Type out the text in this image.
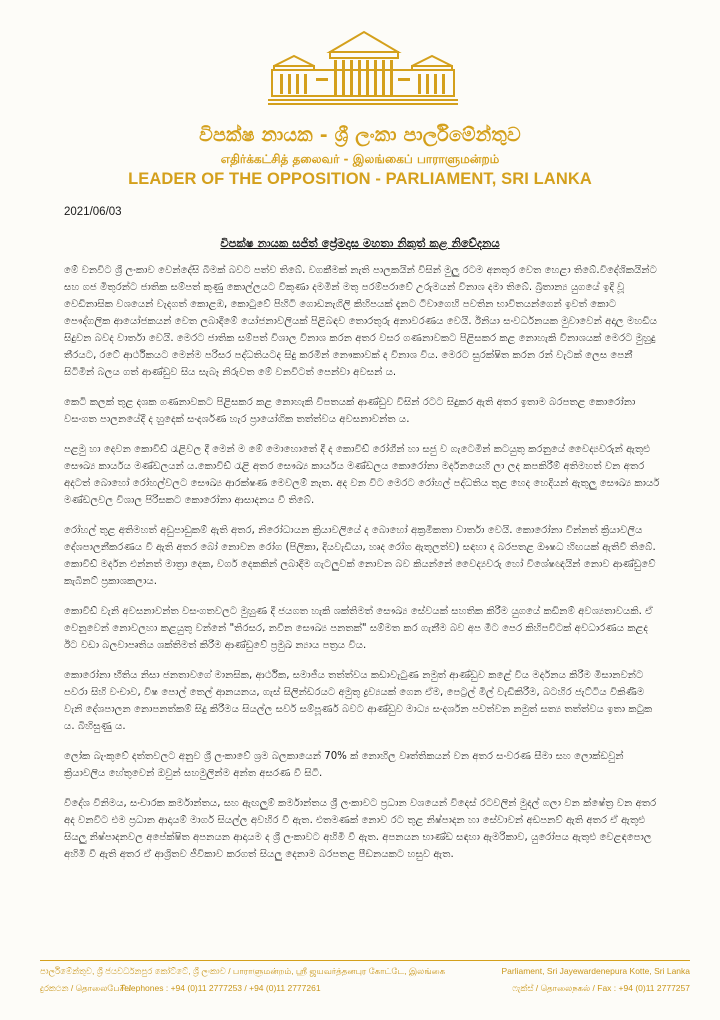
විපක්ෂ නායක - ශ්‍රී ලංකා පාර්ලිමේන්තුව
எதிர்க்கட்சித் தலைவர் - இலங்கைப் பாராளுமன்றம்
LEADER OF THE OPPOSITION - PARLIAMENT, SRI LANKA
2021/06/03
විපක්ෂ නායක සජිත් ප්‍රේමදාස මහතා නිකුත් කළ නිවේදනය

මේ වනවිට ශ්‍රී ලංකාව වෙන්දේසි බිමක් බවට පත්ව තිබේ. වගකීමක් නැති පාලකයින් විසින් මුලු රටම අනතුර වෙත හෙළා තිබේ.විදේශිකයින්ට සහ ගජ මිතුරන්ට ජාතික සම්පත් කුණු කොල්ලයට විකුණා දමමින් මතු පරම්පරාවේ උරුමයන් විනාශ දමා තිබේ. බ්‍රිතාන්‍ය යුගයේ ඉදි වූ වෙඩිනාසික වශයෙන් වැදගත් කොළඹ, කොටුවේ පිහිටි ගොඩනැගිලි කිහිපයක් දැනට ටීවාගෙහි පවතින භාවිතයන්ගෙන් ඉවත් කොට පෞද්ගලික ආයෝජකයන් වෙත ලබාදීමේ යෝජනාවලියක් පිළිබඳව තොරතුරු අනාවරණය වෙයි. ඊනියා සංවර්ධනයක මුවාවෙන් අදාල මහඩිය සිදුවන බවද වාර්තා වෙයි. මෙරට ජාතික සම්පත් විශාල විනාශ කරන අතර වසර ගණනාවකට පිළිසකර කළ නොහැකි විනාශයක් මෙරට මුහුදු තීරයට, රටේ ආර්ථිකයට මෙන්ම පරිසර පද්ධතියටද සිදු කරමින් නෞකාවක් ද විනාශ විය. මෙරට සුරක්ෂිත කරන රන් වැටක් ලෙස පෙනී සිටිමින් බලය ගත් ආණ්ඩුව සිය සැබෑ නිරුවත මේ වනවිටත් පෙන්වා අවසන් ය.

කෙටි කලක් තුළ දශක ගණනාවකට පිළිසකර කළ නොහැකි විපතයක් ආණ්ඩුව විසින් රටට සිදුකර ඇති අතර ඉතාම බරපතළ කොරෝනා වසංගත පාලනයේදී ද හුදෙක් සංදර්ශණ හැර ප්‍රායෝගික තත්ත්වය අවසනාවන්ත ය.

පළමු හා දෙවන කොවිඩ් රැළිවල දී මෙන් ම මේ මොහොතේ දී ද කොවිඩ් රෝගීන් හා සජු ව ගැටෙමින් කටයුතු කරනුයේ වෛද්‍යවරුන් ඇතුළු සෞඛ්‍ය කාර්යය මණ්ඩලයන් ය.කොවිඩ් රැළි අතර සෞඛ්‍ය කාර්යය මණ්ඩලය කොරෝනා මර්දනයෙහි ලා ලද කපකිරීම් අතිමහත් වන අතර අදටත් බොහෝ රෝහල්වලට සෞඛ්‍ය ආරක්ෂණ මෙවලම් නැත. අද වන විට මෙරට රෝහල් පද්ධතිය තුළ හෙද හෙදියන් ඇතුලු සෞඛ්‍ය කාර්ය මණ්ඩලවල විශාල පිරිසකට කොරෝනා ආසාදනය වී තිබේ.

රෝහල් තුළ අතිමහත් අඩුපාඩුකම් ඇති අතර, නිරෝධායන ක්‍රියාවලියේ ද බොහෝ අක්‍රමිකතා වාර්තා වෙයි. කොරෝනා වින්නත් ක්‍රියාවලිය දේශපාලනීකරණය වී ඇති අතර බෝ නොවන රෝග (පිලිකා, දියවැඩියා, හෘද රෝග ඇතුලත්ව) සඳහා ද බරපතළ ඖෂධ හිඟයක් ඇතිවී තිබේ. කොවිඩ් මර්දන එන්නත් මාත්‍රා දෙක, වර්ග දෙකකින් ලබාදීම ගැටලුවක් නොවන බව කියන්නේ වෛද්‍යවරු හෝ විශේෂඥයින් නොව ආණ්ඩුවේ කැබිනට් ප්‍රකාශකලාය.

කොවිඩ් වැනි අවසනාවන්ත වසංගතවලට මුහුණ දී ජයගත හැකි ශක්තිමත් සෞඛ්‍ය සේවයක් සහතික කිරීම යුගයේ කඩිනම් අවශ්‍යතාවයකි. ඒ වෙනුවෙන් නොවලහා කළයුතු වන්නේ "තිරසර, නවීන සෞඛ්‍ය පනතක්" සම්මත කර ගැනීම බව අප මීට පෙර කිහිපවිටක් අවධාරණය කළද ඊට වඩා බලවාපෘතිය ශක්තිමත් කිරීම ආණ්ඩුවේ ප්‍රමුඛ න්‍යාය පත්‍රය විය.

කොරෝනා භීතිය නිසා ජනතාවගේ මානසික, ආර්ථික, සමාජීය තත්ත්වය කඩාවැටුණ නමුත් ආණ්ඩුව කළේ විය මර්දනය කිරීම මිසානවන්ට පවරා සිහි වංචාව, විෂ පොල් තෙල් ආනයනය, ගැස් සිලින්ඩරයට අමුතු ද්‍රව්‍යයක් ගෙන ඒම, පෙට්‍රල් මිල් වැඩිකිරීම, බටහිර ජැට්ටිය විකිණීම වැනි දේශපාලන නොපනත්කම් සිදු කිරීමය සියල්ල සර්ව සම්පූර්ණ බවට ආණ්ඩුව මාධ්‍ය සංදර්ශන පවත්වන නමුත් සත්‍ය තත්ත්වය ඉතා කටුක ය. බිහිසුණු ය.

ලෝක බැංකුවේ දත්තවලට අනුව ශ්‍රී ලංකාවේ ශ්‍රම බලකායෙන් 70% ක් නොහිල වෘත්තිකයන් වන අතර සංවරණ සීමා සහ ලොක්ඩවුන් ක්‍රියාවලිය හේතුවෙන් ඔවුන් සහමුලින්ම අන්ත අසරණ වී සිටී.

විදේශ විනිමය, සංචාරක කර්මාන්තය, සහ ඇඟලුම් කර්මාන්තය ශ්‍රී ලංකාවට ප්‍රධාන වශයෙන් විදෙස් රටවලින් මුදල් ගලා වන ක්ෂේත්‍ර වන අතර අද වනවිට එම ප්‍රධාන ආදායම් මාර්ග සියල්ල අවහිර වී ඇත. එතමණක් නොව රට තුළ නිෂ්පාදන හා සේවාවන් අඩපනව් ඇති අතර ඒ ඇතුළු සියලු නිෂ්පාදනවල අපේක්ෂිත අපනයන ආදායම ද ශ්‍රී ලංකාවට අහිමි වී ඇත. අපනයන භාණ්ඩ සඳහා ඇමරිකාව, යුරෝපය ඇතුළු වෙළඳපොල අහිමි වී ඇති අතර ඒ ආශ්‍රිතව ජීවිකාව කරගත් සියලු දෙනාම බරපතළ පීඩනයකට හසුව ඇත.

පාර්ලිමේන්තුව, ශ්‍රී ජයවර්ධනපුර කෝට්ටේ, ශ්‍රී ලංකාව / பாராளுமன்றம், ஸ்ரீ ஜயவர்த்தனபுர கோட்டே, இலங்கை	Parliament, Sri Jayewardenepura Kotte, Sri Lanka
දුරකථන / தொலைபேசி /
Telephones : +94 (0)11 2777253 / +94 (0)11 2777261	ෆැක්ස් / தொலைநகல் / Fax : +94 (0)11 2777257
